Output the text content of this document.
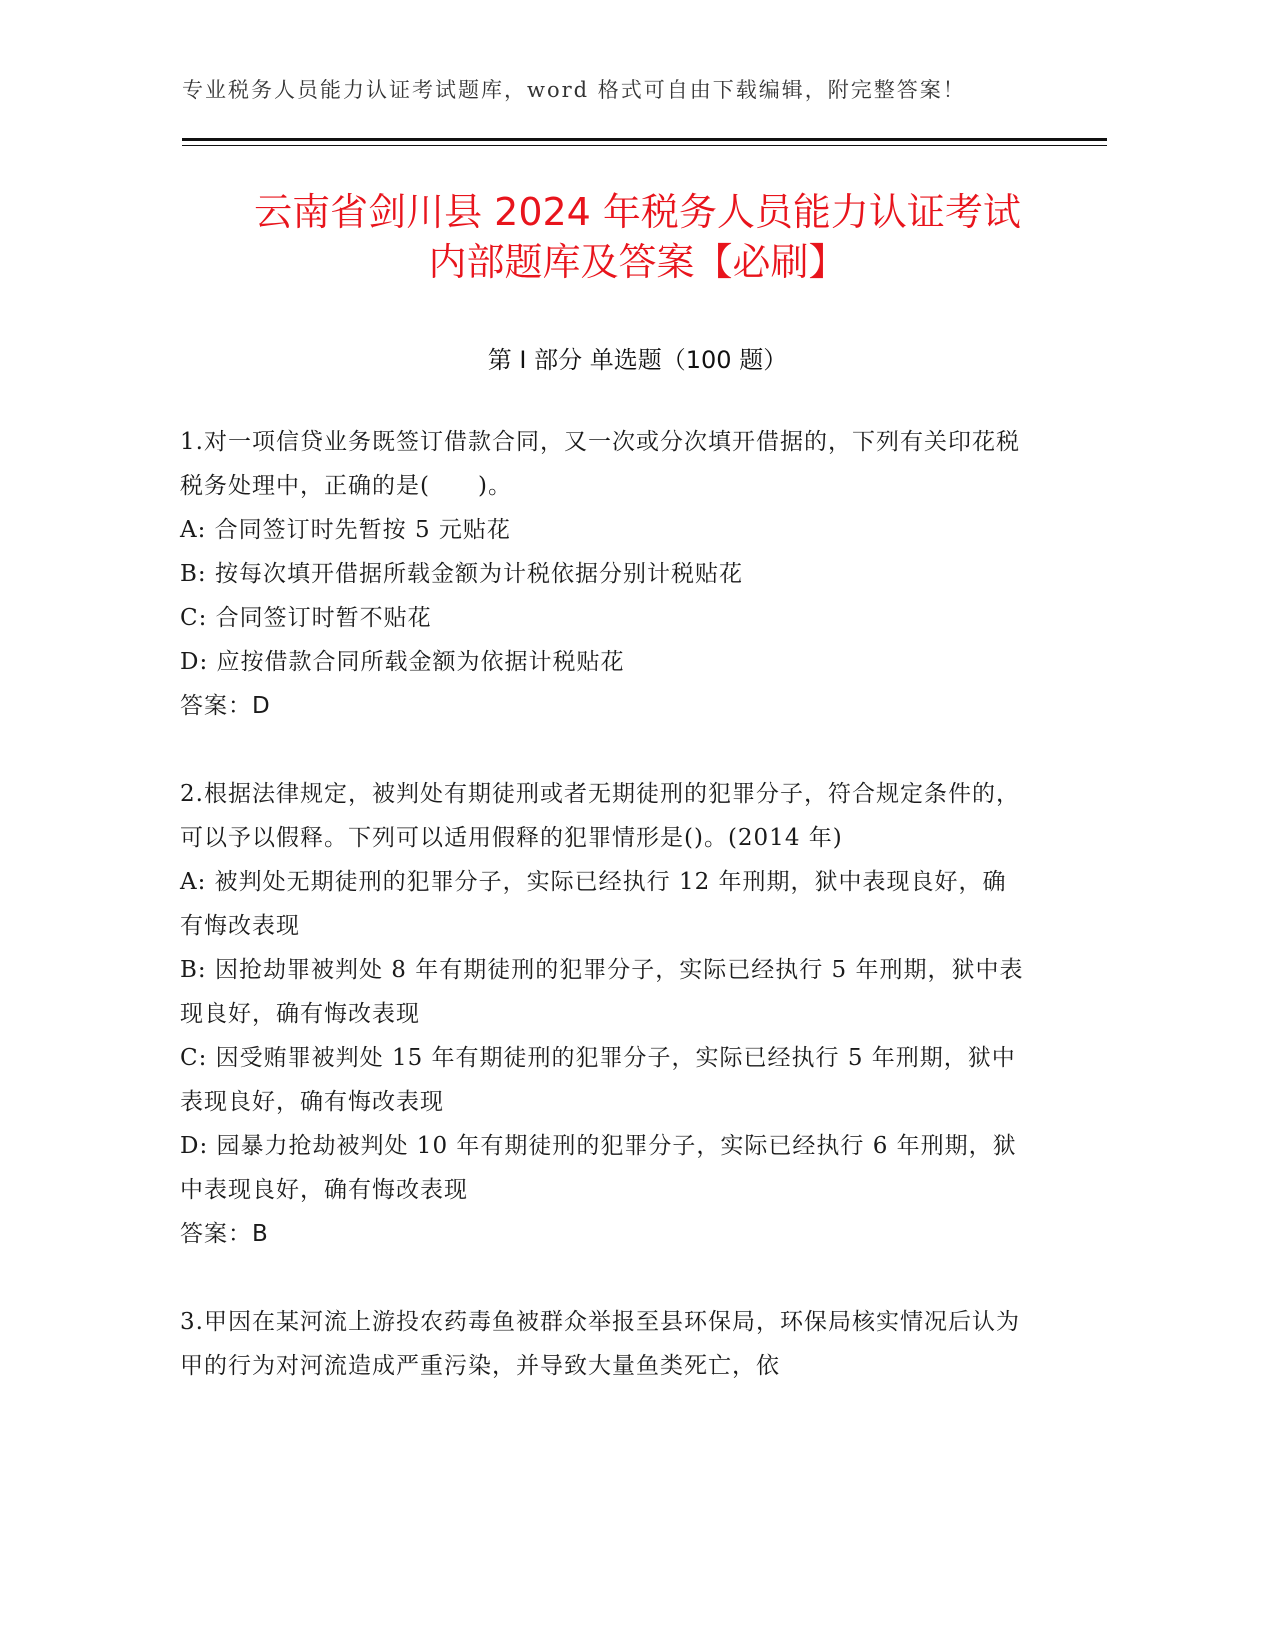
专业税务人员能力认证考试题库，word 格式可自由下载编辑，附完整答案！
云南省剑川县 2024 年税务人员能力认证考试
内部题库及答案【必刷】
第 I 部分 单选题（100 题）

1.对一项信贷业务既签订借款合同，又一次或分次填开借据的，下列有关印花税税务处理中，正确的是(　　)。

A: 合同签订时先暂按 5 元贴花

B: 按每次填开借据所载金额为计税依据分别计税贴花

C: 合同签订时暂不贴花

D: 应按借款合同所载金额为依据计税贴花

答案：D

2.根据法律规定，被判处有期徒刑或者无期徒刑的犯罪分子，符合规定条件的，可以予以假释。下列可以适用假释的犯罪情形是()。(2014 年)

A: 被判处无期徒刑的犯罪分子，实际已经执行 12 年刑期，狱中表现良好，确有悔改表现

B: 因抢劫罪被判处 8 年有期徒刑的犯罪分子，实际已经执行 5 年刑期，狱中表现良好，确有悔改表现

C: 因受贿罪被判处 15 年有期徒刑的犯罪分子，实际已经执行 5 年刑期，狱中表现良好，确有悔改表现

D: 园暴力抢劫被判处 10 年有期徒刑的犯罪分子，实际已经执行 6 年刑期，狱中表现良好，确有悔改表现

答案：B

3.甲因在某河流上游投农药毒鱼被群众举报至县环保局，环保局核实情况后认为甲的行为对河流造成严重污染，并导致大量鱼类死亡，依
